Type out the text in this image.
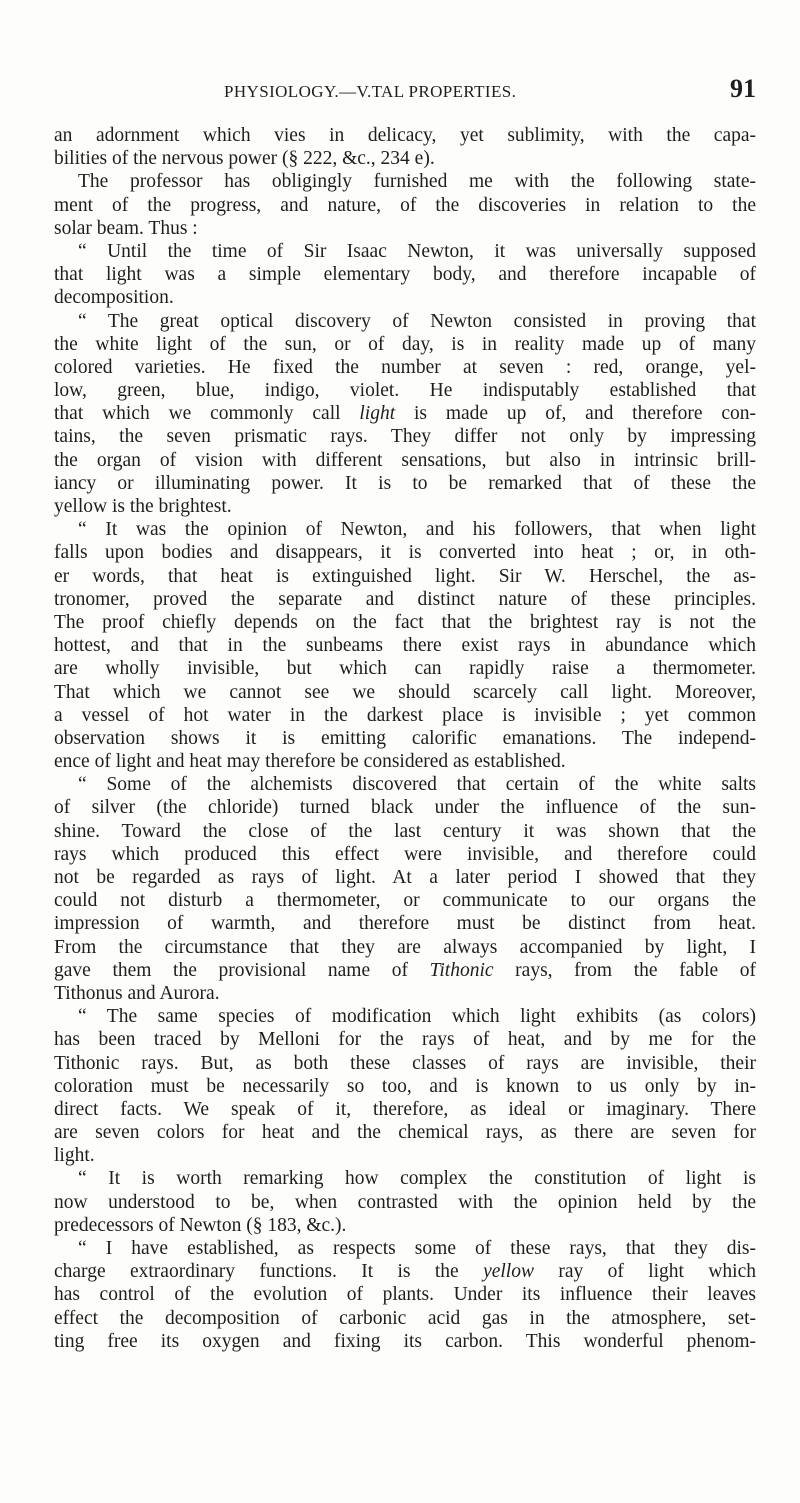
PHYSIOLOGY.—V.TAL PROPERTIES.	91
an adornment which vies in delicacy, yet sublimity, with the capa-
bilities of the nervous power (§ 222, &c., 234 e).
The professor has obligingly furnished me with the following state-
ment of the progress, and nature, of the discoveries in relation to the
solar beam. Thus :
“ Until the time of Sir Isaac Newton, it was universally supposed
that light was a simple elementary body, and therefore incapable of
decomposition.
“ The great optical discovery of Newton consisted in proving that
the white light of the sun, or of day, is in reality made up of many
colored varieties. He fixed the number at seven : red, orange, yel-
low, green, blue, indigo, violet. He indisputably established that
that which we commonly call light is made up of, and therefore con-
tains, the seven prismatic rays. They differ not only by impressing
the organ of vision with different sensations, but also in intrinsic brill-
iancy or illuminating power. It is to be remarked that of these the
yellow is the brightest.
“ It was the opinion of Newton, and his followers, that when light
falls upon bodies and disappears, it is converted into heat ; or, in oth-
er words, that heat is extinguished light. Sir W. Herschel, the as-
tronomer, proved the separate and distinct nature of these principles.
The proof chiefly depends on the fact that the brightest ray is not the
hottest, and that in the sunbeams there exist rays in abundance which
are wholly invisible, but which can rapidly raise a thermometer.
That which we cannot see we should scarcely call light. Moreover,
a vessel of hot water in the darkest place is invisible ; yet common
observation shows it is emitting calorific emanations. The independ-
ence of light and heat may therefore be considered as established.
“ Some of the alchemists discovered that certain of the white salts
of silver (the chloride) turned black under the influence of the sun-
shine. Toward the close of the last century it was shown that the
rays which produced this effect were invisible, and therefore could
not be regarded as rays of light. At a later period I showed that they
could not disturb a thermometer, or communicate to our organs the
impression of warmth, and therefore must be distinct from heat.
From the circumstance that they are always accompanied by light, I
gave them the provisional name of Tithonic rays, from the fable of
Tithonus and Aurora.
“ The same species of modification which light exhibits (as colors)
has been traced by Melloni for the rays of heat, and by me for the
Tithonic rays. But, as both these classes of rays are invisible, their
coloration must be necessarily so too, and is known to us only by in-
direct facts. We speak of it, therefore, as ideal or imaginary. There
are seven colors for heat and the chemical rays, as there are seven for
light.
“ It is worth remarking how complex the constitution of light is
now understood to be, when contrasted with the opinion held by the
predecessors of Newton (§ 183, &c.).
“ I have established, as respects some of these rays, that they dis-
charge extraordinary functions. It is the yellow ray of light which
has control of the evolution of plants. Under its influence their leaves
effect the decomposition of carbonic acid gas in the atmosphere, set-
ting free its oxygen and fixing its carbon. This wonderful phenom-
